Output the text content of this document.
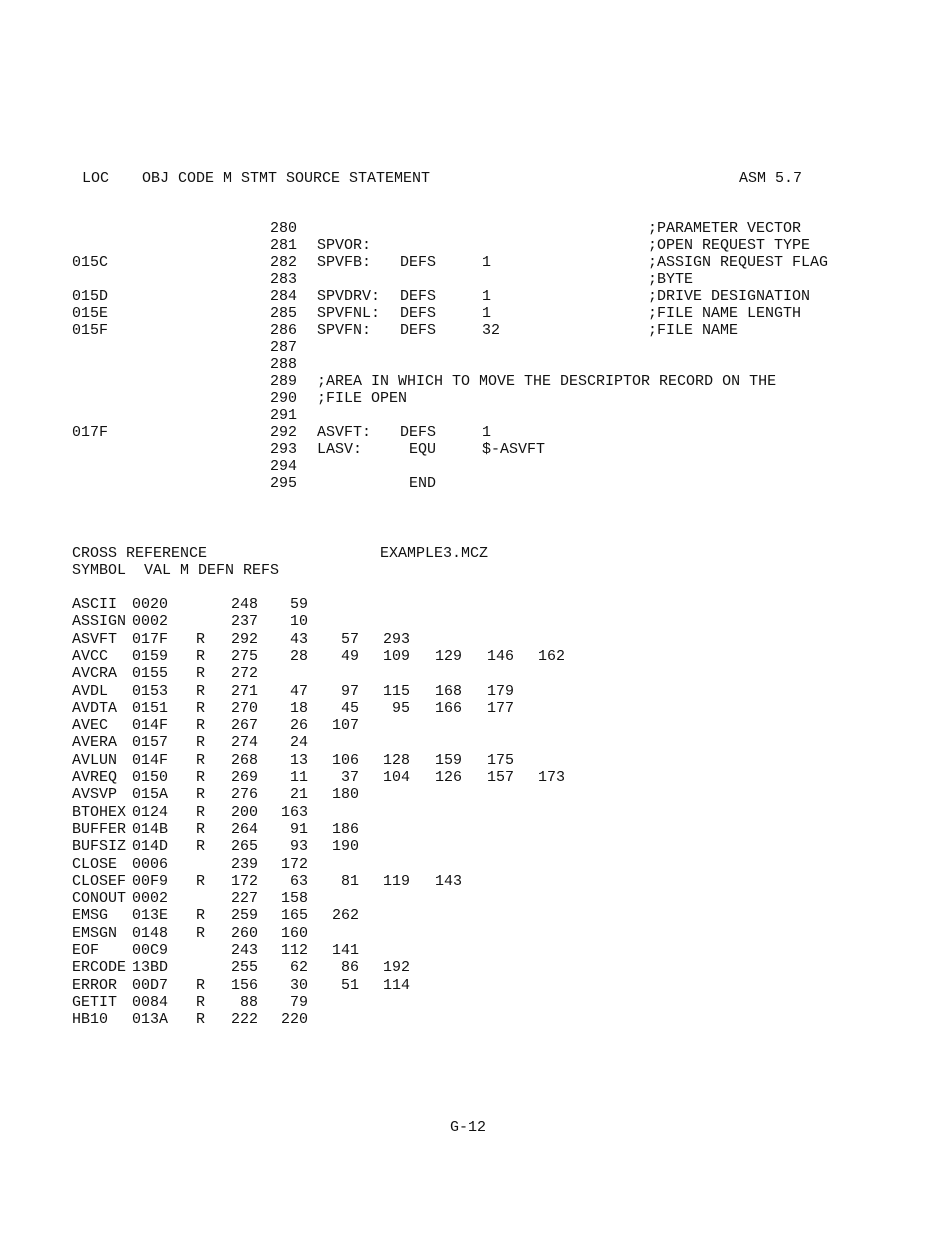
LOC OBJ CODE M STMT SOURCE STATEMENT	ASM 5.7
280	;PARAMETER VECTOR
281 SPVOR:	;OPEN REQUEST TYPE
015C	282 SPVFB: DEFS	1	;ASSIGN REQUEST FLAG
283	;BYTE
015D	284 SPVDRV: DEFS	1	;DRIVE DESIGNATION
015E	285 SPVFNL: DEFS	1	;FILE NAME LENGTH
015F	286 SPVFN: DEFS	32	;FILE NAME
287
288
289 ;AREA IN WHICH TO MOVE THE DESCRIPTOR RECORD ON THE
290 ;FILE OPEN
291
017F	292 ASVFT: DEFS	1
293 LASV:	EQU	$-ASVFT
294
295	END
CROSS REFERENCE	EXAMPLE3.MCZ
SYMBOL  VAL M DEFN REFS
ASCII 0020	248	59
ASSIGN 0002	237	10
ASVFT 017F R	292	43	57	293
AVCC 0159 R	275	28	49	109	129	146	162
AVCRA 0155 R	272
AVDL 0153 R	271	47	97	115	168	179
AVDTA 0151 R	270	18	45	95	166	177
AVEC 014F R	267	26	107
AVERA 0157 R	274	24
AVLUN 014F R	268	13	106	128	159	175
AVREQ 0150 R	269	11	37	104	126	157	173
AVSVP 015A R	276	21	180
BTOHEX 0124 R	200	163
BUFFER 014B R	264	91	186
BUFSIZ 014D R	265	93	190
CLOSE 0006	239	172
CLOSEF 00F9 R	172	63	81	119	143
CONOUT 0002	227	158
EMSG 013E R	259	165	262
EMSGN 0148 R	260	160
EOF 00C9	243	112	141
ERCODE 13BD	255	62	86	192
ERROR 00D7 R	156	30	51	114
GETIT 0084 R	88	79
HB10 013A R	222	220
G-12
